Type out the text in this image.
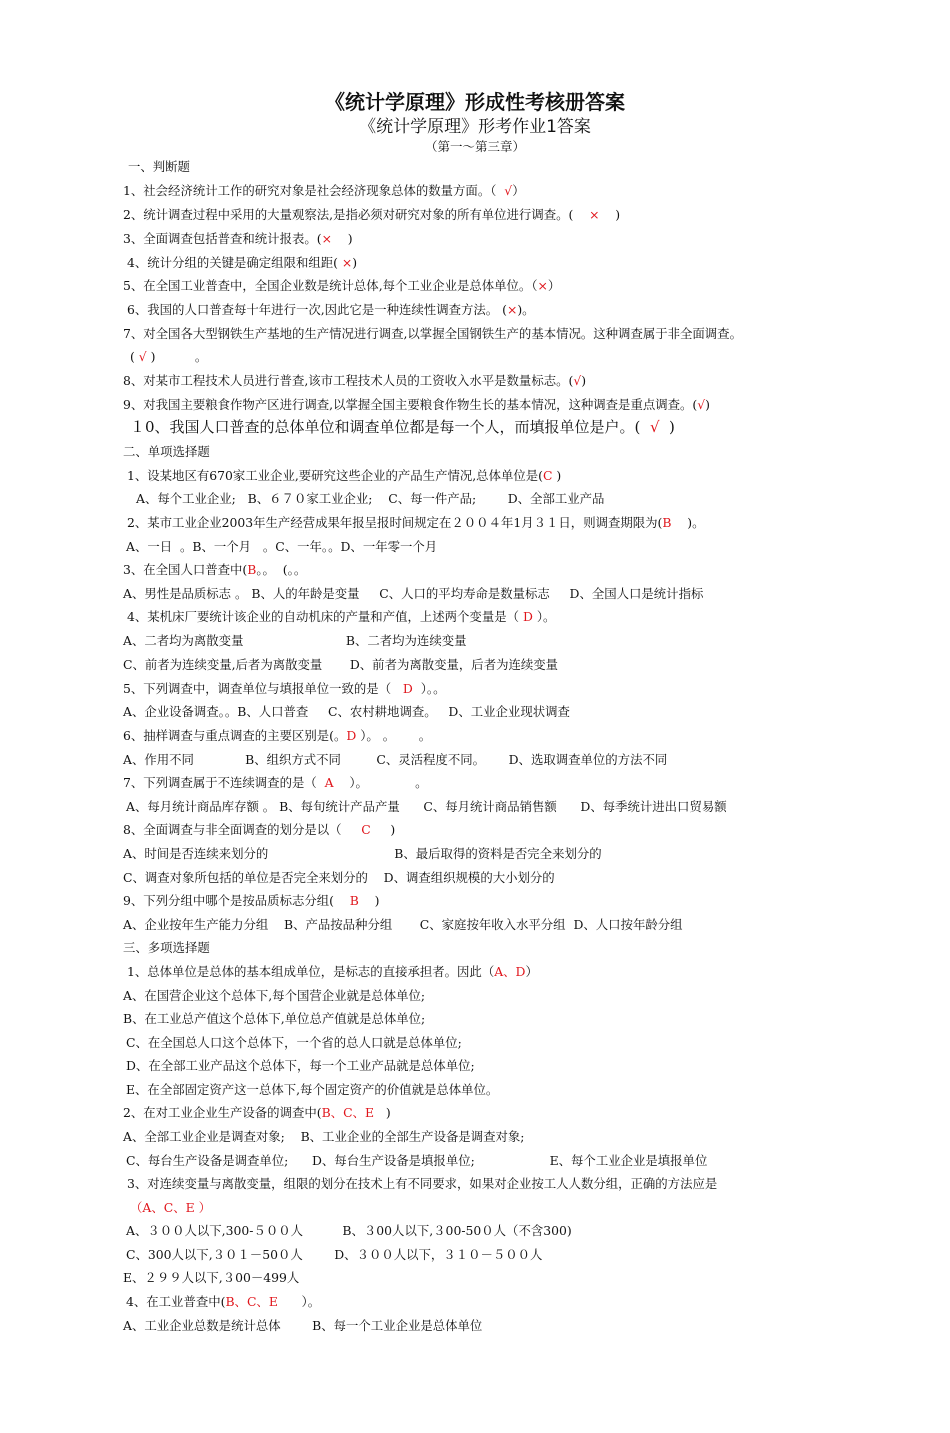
《统计学原理》形成性考核册答案
《统计学原理》形考作业1答案
（第一～第三章）
一、判断题
1、社会经济统计工作的研究对象是社会经济现象总体的数量方面。（  √）
2、统计调查过程中采用的大量观察法,是指必须对研究对象的所有单位进行调查。(    ×    )
3、全面调查包括普查和统计报表。(×    )
4、统计分组的关键是确定组限和组距( ×)
5、在全国工业普查中，全国企业数是统计总体,每个工业企业是总体单位。（×）
6、我国的人口普查每十年进行一次,因此它是一种连续性调查方法。 (×)。
7、对全国各大型钢铁生产基地的生产情况进行调查,以掌握全国钢铁生产的基本情况。这种调查属于非全面调查。
( √ )          。
8、对某市工程技术人员进行普查,该市工程技术人员的工资收入水平是数量标志。(√)
9、对我国主要粮食作物产区进行调查,以掌握全国主要粮食作物生长的基本情况，这种调查是重点调查。(√)
１0、我国人口普查的总体单位和调查单位都是每一个人，而填报单位是户。(  √  )
二、单项选择题
1、设某地区有670家工业企业,要研究这些企业的产品生产情况,总体单位是(C )
A、每个工业企业;   B、６７０家工业企业;    C、每一件产品;        D、全部工业产品
2、某市工业企业2003年生产经营成果年报呈报时间规定在２００４年1月３１日，则调查期限为(B    )。
A、一日  。B、一个月   。C、一年。。D、一年零一个月
3、在全国人口普查中(B。。  (。。
A、男性是品质标志 。 B、人的年龄是变量     C、人口的平均寿命是数量标志     D、全国人口是统计指标
4、某机床厂要统计该企业的自动机床的产量和产值，上述两个变量是（ D ）。
A、二者均为离散变量                          B、二者均为连续变量
C、前者为连续变量,后者为离散变量       D、前者为离散变量，后者为连续变量
5、下列调查中，调查单位与填报单位一致的是（   D  ）。。
A、企业设备调查。。B、人口普查     C、农村耕地调查。   D、工业企业现状调查
6、抽样调查与重点调查的主要区别是(。D ）。 。      。
A、作用不同             B、组织方式不同         C、灵活程度不同。      D、选取调查单位的方法不同
7、下列调查属于不连续调查的是（  A    ）。            。
A、每月统计商品库存额 。 B、每旬统计产品产量      C、每月统计商品销售额      D、每季统计进出口贸易额
8、全面调查与非全面调查的划分是以（     C     )
A、时间是否连续来划分的                                B、最后取得的资料是否完全来划分的
C、调查对象所包括的单位是否完全来划分的    D、调查组织规模的大小划分的
9、下列分组中哪个是按品质标志分组(    B    )
A、企业按年生产能力分组    B、产品按品种分组       C、家庭按年收入水平分组  D、人口按年龄分组
三、多项选择题
1、总体单位是总体的基本组成单位，是标志的直接承担者。因此（A、D）
A、在国营企业这个总体下,每个国营企业就是总体单位;
B、在工业总产值这个总体下,单位总产值就是总体单位;
C、在全国总人口这个总体下，一个省的总人口就是总体单位;
D、在全部工业产品这个总体下，每一个工业产品就是总体单位;
E、在全部固定资产这一总体下,每个固定资产的价值就是总体单位。
2、在对工业企业生产设备的调查中(B、C、E   )
A、全部工业企业是调查对象;    B、工业企业的全部生产设备是调查对象;
C、每台生产设备是调查单位;      D、每台生产设备是填报单位;                   E、每个工业企业是填报单位
3、对连续变量与离散变量，组限的划分在技术上有不同要求，如果对企业按工人人数分组，正确的方法应是
（A、C、E ）
A、３００人以下,300-５００人          B、３00人以下,３00-50０人（不含300)
C、300人以下,３０１－50０人        D、３００人以下，３１０－５００人
E、２９９人以下,３00－499人
4、在工业普查中(B、C、E      ）。
A、工业企业总数是统计总体        B、每一个工业企业是总体单位
